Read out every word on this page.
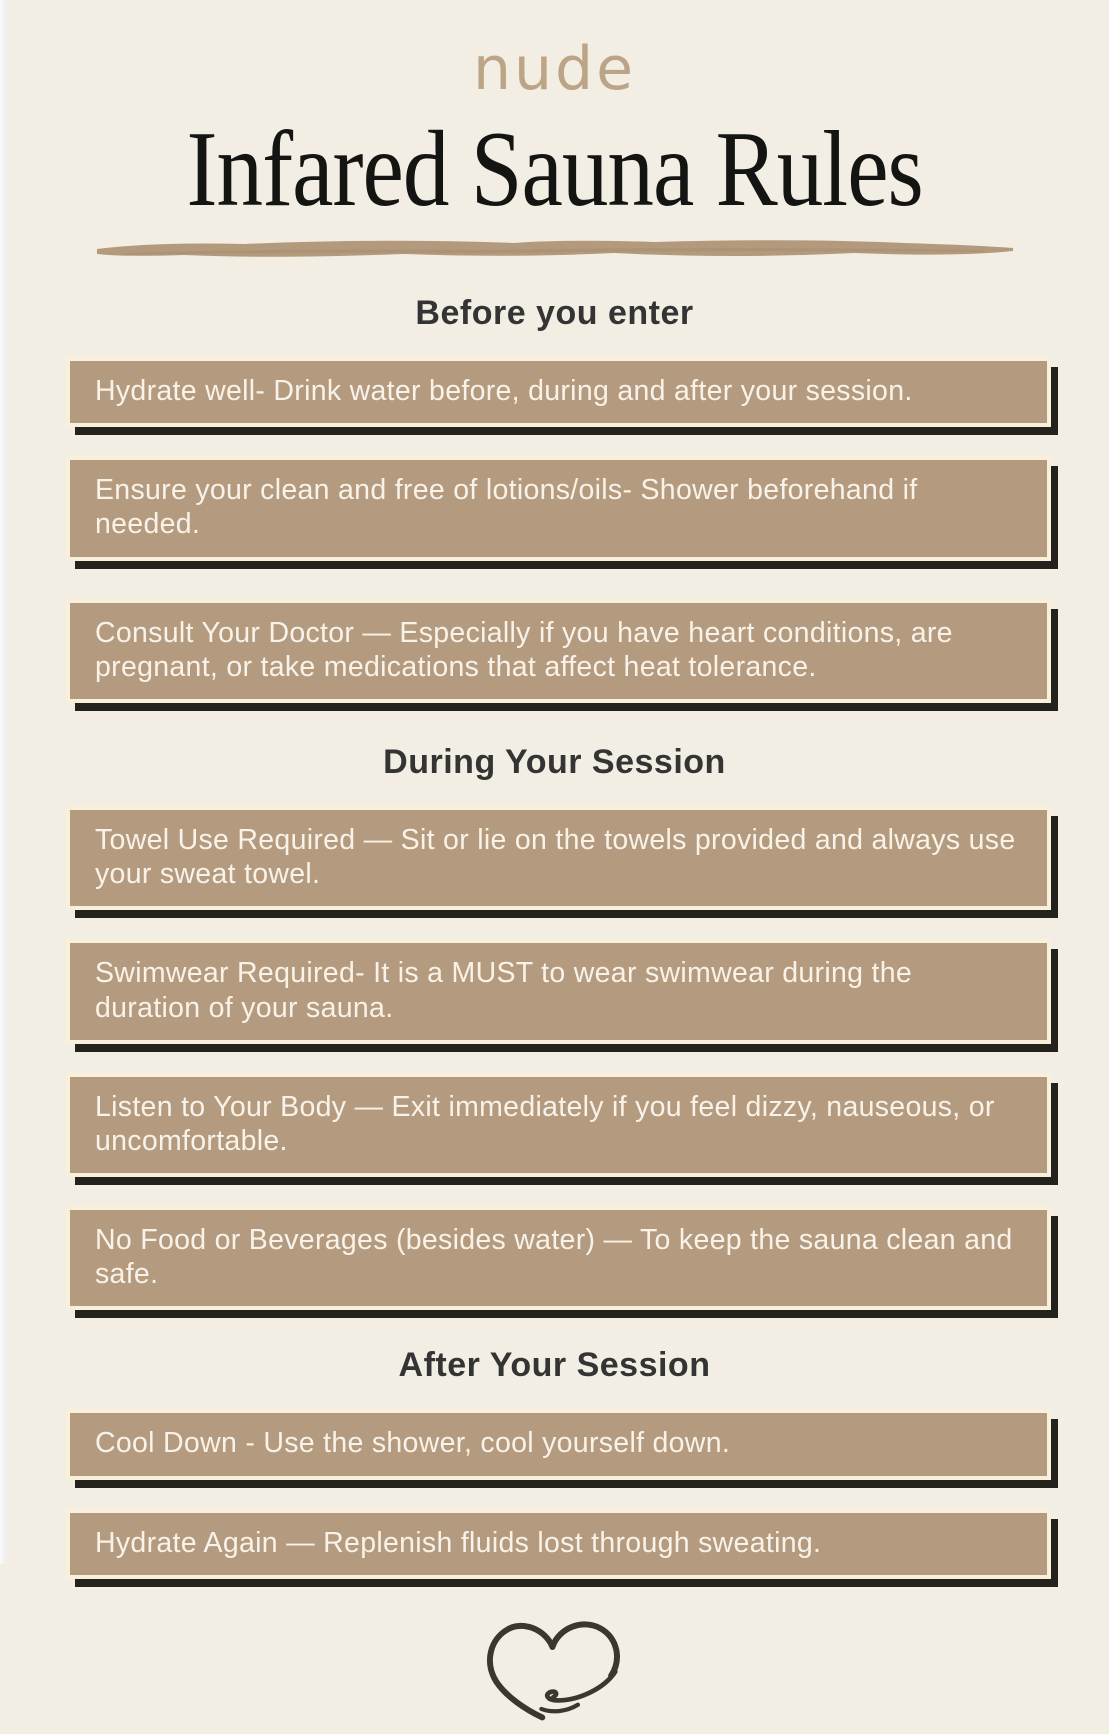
nude
Infared Sauna Rules
Before you enter
Hydrate well- Drink water before, during and after your session.
Ensure your clean and free of lotions/oils- Shower beforehand if needed.
Consult Your Doctor — Especially if you have heart conditions, are pregnant, or take medications that affect heat tolerance.
During Your Session
Towel Use Required — Sit or lie on the towels provided and always use your sweat towel.
Swimwear Required- It is a MUST to wear swimwear during the duration of your sauna.
Listen to Your Body — Exit immediately if you feel dizzy, nauseous, or uncomfortable.
No Food or Beverages (besides water) — To keep the sauna clean and safe.
After Your Session
Cool Down - Use the shower, cool yourself down.
Hydrate Again — Replenish fluids lost through sweating.
